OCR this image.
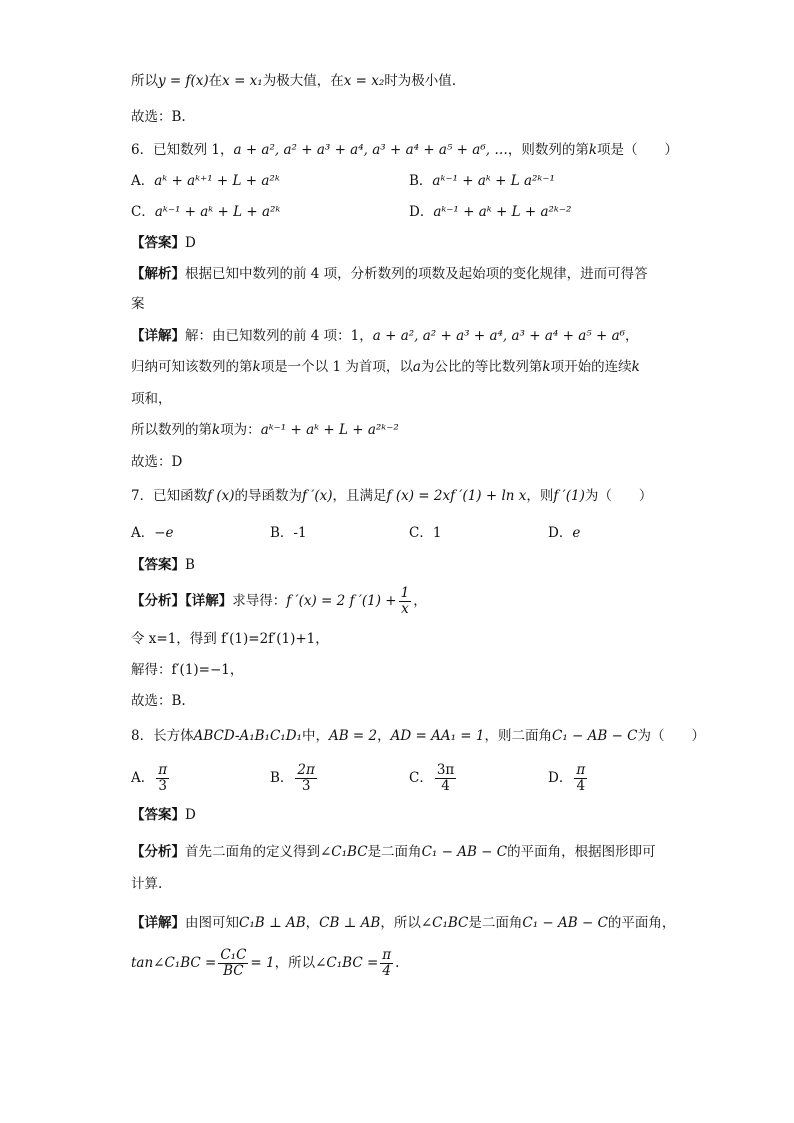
所以y = f(x)在x = x₁为极大值，在x = x₂时为极小值.
故选：B.
6．已知数列 1，a + a², a² + a³ + a⁴, a³ + a⁴ + a⁵ + a⁶, …，则数列的第k项是（　　）
A．aᵏ + aᵏ⁺¹ + L + a²ᵏ	B．aᵏ⁻¹ + aᵏ + L a²ᵏ⁻¹
C．aᵏ⁻¹ + aᵏ + L + a²ᵏ	D．aᵏ⁻¹ + aᵏ + L + a²ᵏ⁻²
【答案】D
【解析】根据已知中数列的前 4 项，分析数列的项数及起始项的变化规律，进而可得答
案
【详解】解：由已知数列的前 4 项：1，a + a², a² + a³ + a⁴, a³ + a⁴ + a⁵ + a⁶，
归纳可知该数列的第k项是一个以 1 为首项，以a为公比的等比数列第k项开始的连续k
项和，
所以数列的第k项为：aᵏ⁻¹ + aᵏ + L + a²ᵏ⁻²
故选：D
7．已知函数f (x)的导函数为f ′(x)，且满足f (x) = 2xf ′(1) + ln x，则f ′(1)为（　　）
A．−e	B．-1	C．1	D．e
【答案】B
【分析】【详解】求导得：f ′(x) = 2 f $'(1) + \frac{1}{x}$ ，
令 x=1，得到 f′(1)=2f′(1)+1，
解得：f′(1)=−1，
故选：B.
8．长方体ABCD-A₁B₁C₁D₁中，AB = 2，AD = AA₁ = 1，则二面角C₁ − AB − C为（　　）
A． $\frac{\pi}{3}$	B． $\frac{2\pi}{3}$	C． $\frac{3\pi}{4}$	D． $\frac{\pi}{4}$
【答案】D
【分析】首先二面角的定义得到∠C₁BC是二面角C₁ − AB − C的平面角，根据图形即可
计算.
【详解】由图可知C₁B ⊥ AB，CB ⊥ AB，所以∠C₁BC是二面角C₁ − AB − C的平面角，
tan∠C₁BC = $\frac{\text{C₁C}}{BC} = 1$，所以∠C₁BC = $\frac{\pi}{4}$ .
